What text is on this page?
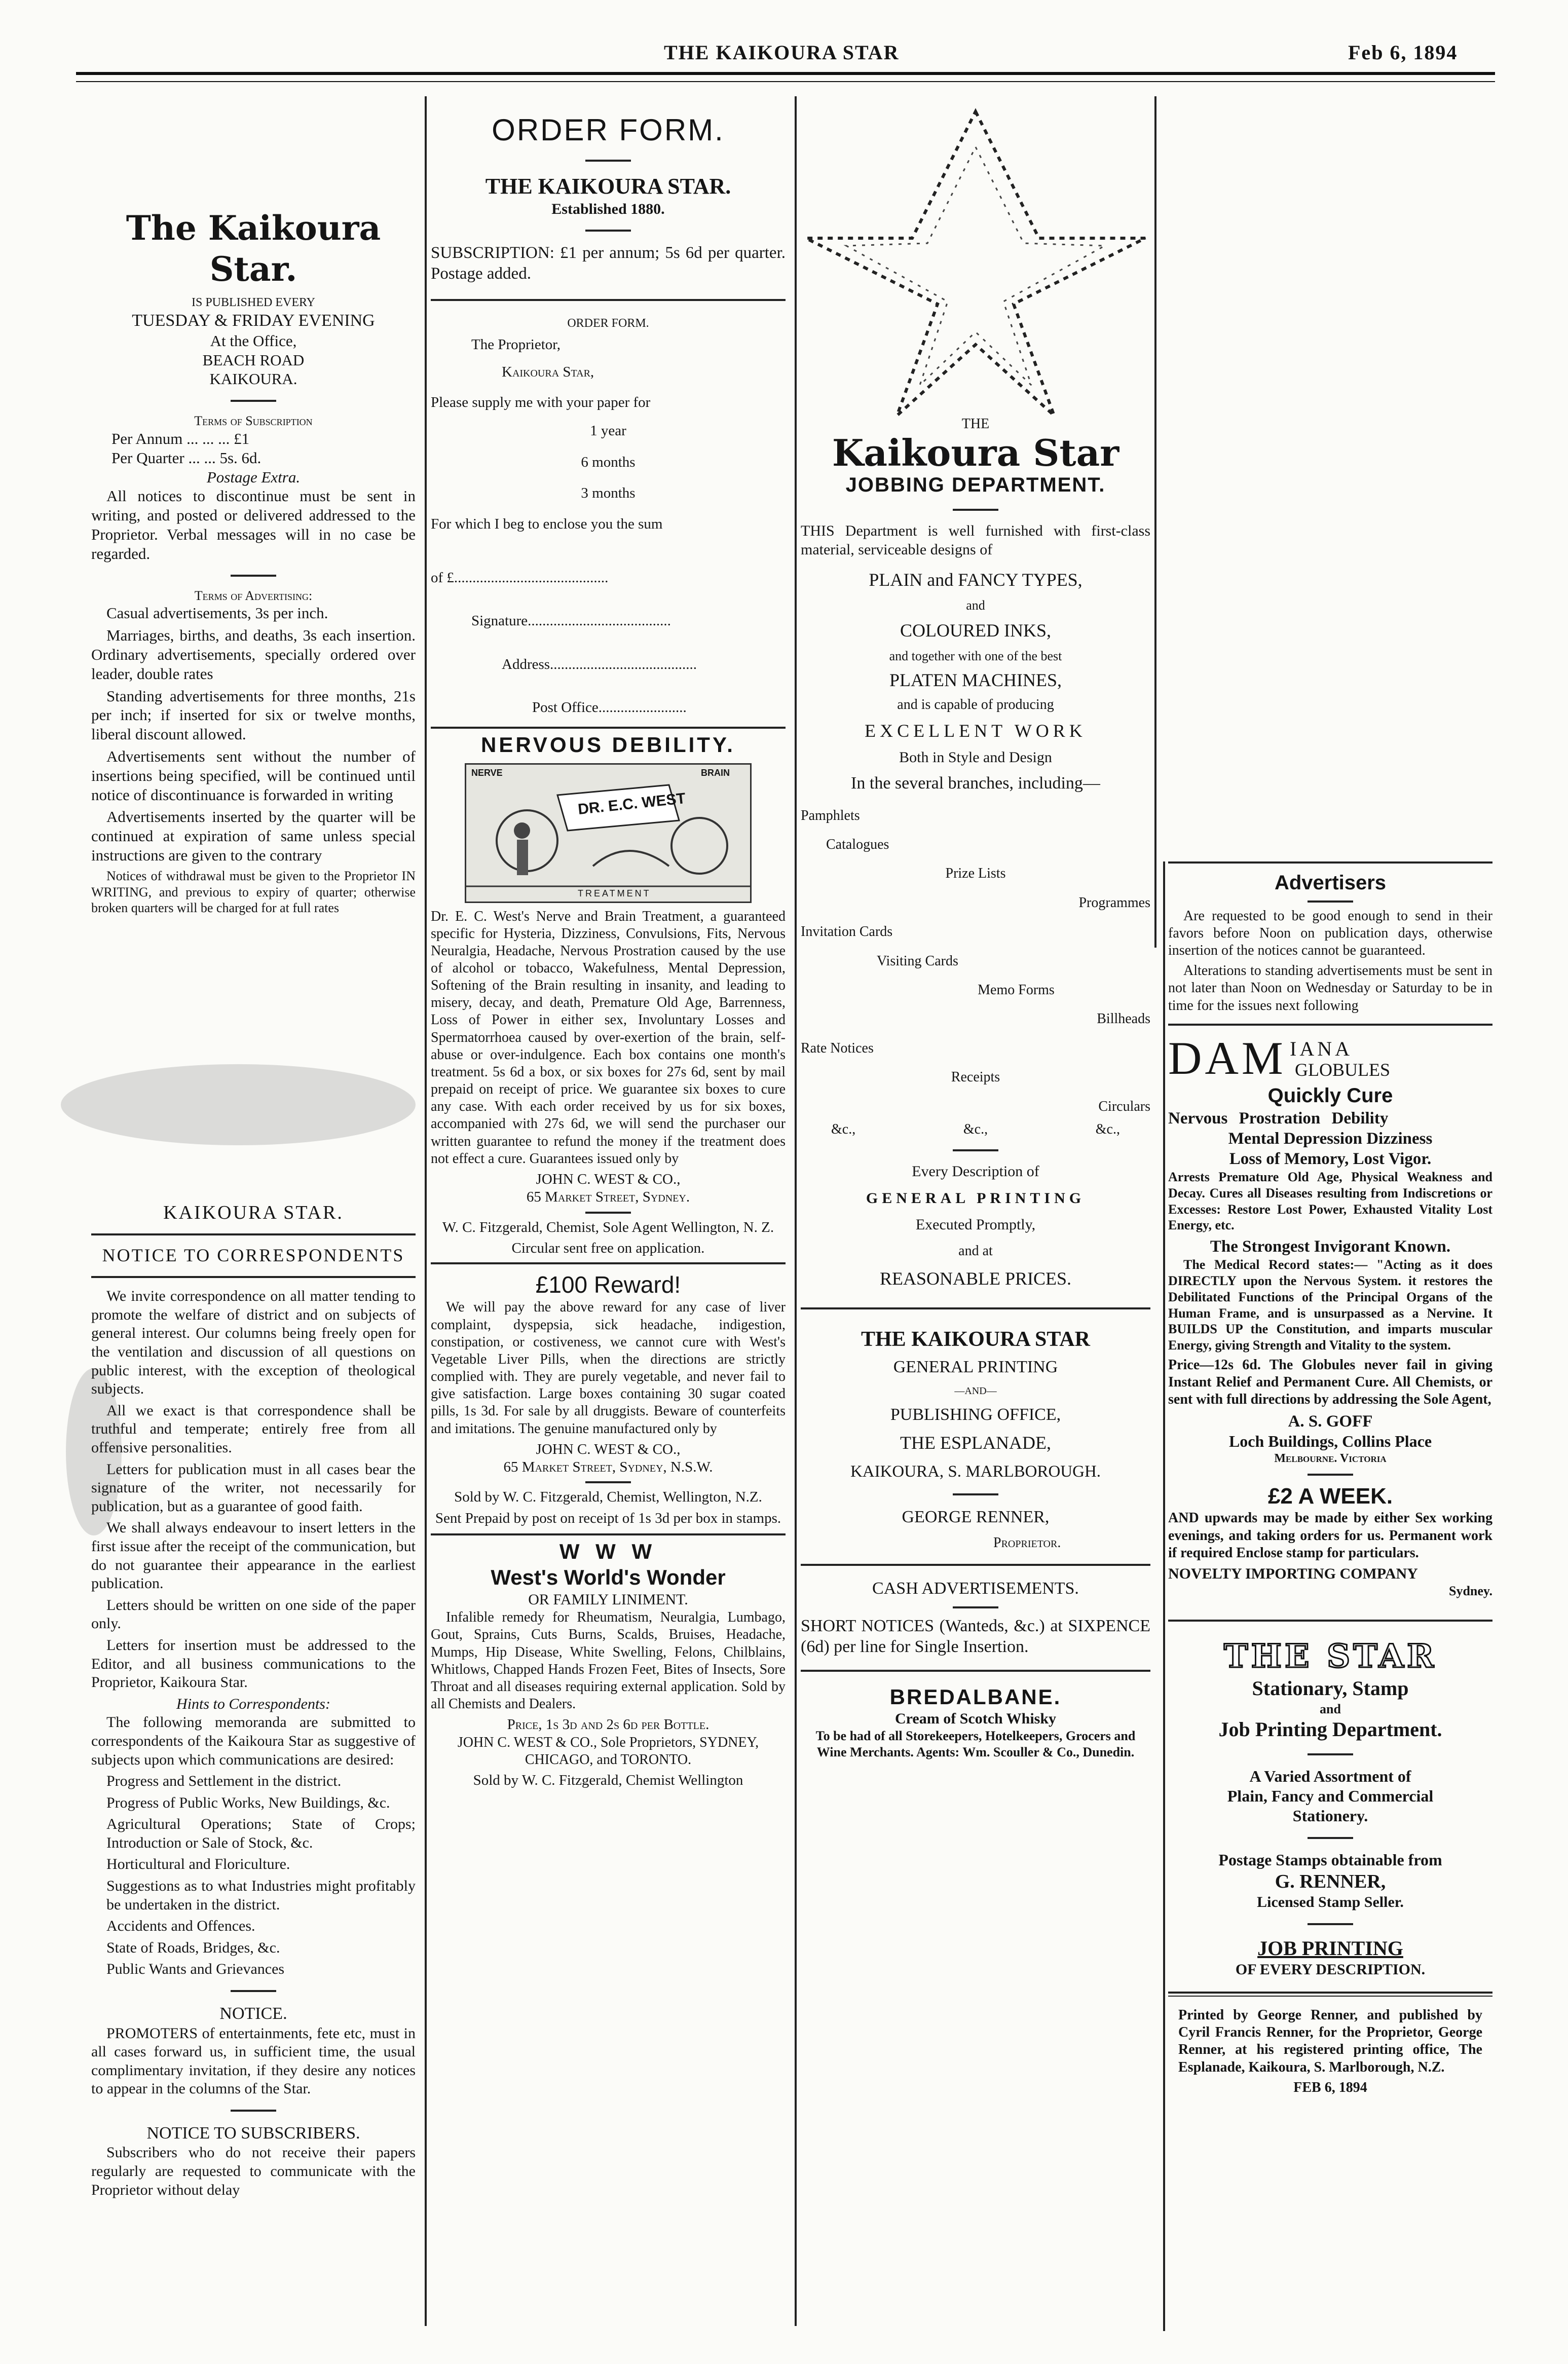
THE KAIKOURA STAR	Feb 6, 1894
The Kaikoura Star.
IS PUBLISHED EVERY
TUESDAY & FRIDAY EVENING
At the Office,
BEACH ROAD
KAIKOURA.
Terms of Subscription
Per Annum ... ... ... £1
Per Quarter ... ... 5s. 6d.
Postage Extra.

All notices to discontinue must be sent in writing, and posted or delivered addressed to the Proprietor. Verbal messages will in no case be regarded.

Terms of Advertising:

Casual advertisements, 3s per inch.

Marriages, births, and deaths, 3s each insertion. Ordinary advertisements, specially ordered over leader, double rates

Standing advertisements for three months, 21s per inch; if inserted for six or twelve months, liberal discount allowed.

Advertisements sent without the number of insertions being specified, will be continued until notice of discontinuance is forwarded in writing

Advertisements inserted by the quarter will be continued at expiration of same unless special instructions are given to the contrary

Notices of withdrawal must be given to the Proprietor IN WRITING, and previous to expiry of quarter; otherwise broken quarters will be charged for at full rates

KAIKOURA STAR.
NOTICE TO CORRESPONDENTS

We invite correspondence on all matter tending to promote the welfare of district and on subjects of general interest. Our columns being freely open for the ventilation and discussion of all questions on public interest, with the exception of theological subjects.

All we exact is that correspondence shall be truthful and temperate; entirely free from all offensive personalities.

Letters for publication must in all cases bear the signature of the writer, not necessarily for publication, but as a guarantee of good faith.

We shall always endeavour to insert letters in the first issue after the receipt of the communication, but do not guarantee their appearance in the earliest publication.

Letters should be written on one side of the paper only.

Letters for insertion must be addressed to the Editor, and all business communications to the Proprietor, Kaikoura Star.

Hints to Correspondents:

The following memoranda are submitted to correspondents of the Kaikoura Star as suggestive of subjects upon which communications are desired:

Progress and Settlement in the district.

Progress of Public Works, New Buildings, &c.

Agricultural Operations; State of Crops; Introduction or Sale of Stock, &c.

Horticultural and Floriculture.

Suggestions as to what Industries might profitably be undertaken in the district.

Accidents and Offences.

State of Roads, Bridges, &c.

Public Wants and Grievances

NOTICE.

PROMOTERS of entertainments, fete etc, must in all cases forward us, in sufficient time, the usual complimentary invitation, if they desire any notices to appear in the columns of the Star.

NOTICE TO SUBSCRIBERS.

Subscribers who do not receive their papers regularly are requested to communicate with the Proprietor without delay

ORDER FORM.
THE KAIKOURA STAR.
Established 1880.

SUBSCRIPTION: £1 per annum; 5s 6d per quarter. Postage added.

ORDER FORM.
The Proprietor,
Kaikoura Star,

Please supply me with your paper for

1 year
6 months
3 months

For which I beg to enclose you the sum

of £..........................................
Signature.......................................
Address........................................
Post Office........................
NERVOUS DEBILITY.
NERVE	BRAIN
DR. E.C. WEST
TREATMENT

Dr. E. C. West's Nerve and Brain Treatment, a guaranteed specific for Hysteria, Dizziness, Convulsions, Fits, Nervous Neuralgia, Headache, Nervous Prostration caused by the use of alcohol or tobacco, Wakefulness, Mental Depression, Softening of the Brain resulting in insanity, and leading to misery, decay, and death, Premature Old Age, Barrenness, Loss of Power in either sex, Involuntary Losses and Spermatorrhoea caused by over-exertion of the brain, self-abuse or over-indulgence. Each box contains one month's treatment. 5s 6d a box, or six boxes for 27s 6d, sent by mail prepaid on receipt of price. We guarantee six boxes to cure any case. With each order received by us for six boxes, accompanied with 27s 6d, we will send the purchaser our written guarantee to refund the money if the treatment does not effect a cure. Guarantees issued only by

JOHN C. WEST & CO.,
65 Market Street, Sydney.

W. C. Fitzgerald, Chemist, Sole Agent Wellington, N. Z.

Circular sent free on application.
£100 Reward!

We will pay the above reward for any case of liver complaint, dyspepsia, sick headache, indigestion, constipation, or costiveness, we cannot cure with West's Vegetable Liver Pills, when the directions are strictly complied with. They are purely vegetable, and never fail to give satisfaction. Large boxes containing 30 sugar coated pills, 1s 3d. For sale by all druggists. Beware of counterfeits and imitations. The genuine manufactured only by

JOHN C. WEST & CO.,
65 Market Street, Sydney, N.S.W.

Sold by W. C. Fitzgerald, Chemist, Wellington, N.Z.

Sent Prepaid by post on receipt of 1s 3d per box in stamps.

W W W
West's World's Wonder
OR FAMILY LINIMENT.

Infalible remedy for Rheumatism, Neuralgia, Lumbago, Gout, Sprains, Cuts Burns, Scalds, Bruises, Headache, Mumps, Hip Disease, White Swelling, Felons, Chilblains, Whitlows, Chapped Hands Frozen Feet, Bites of Insects, Sore Throat and all diseases requiring external application. Sold by all Chemists and Dealers.

Price, 1s 3d and 2s 6d per Bottle.

JOHN C. WEST & CO., Sole Proprietors, SYDNEY, CHICAGO, and TORONTO.

Sold by W. C. Fitzgerald, Chemist Wellington
THE
Kaikoura Star
JOBBING DEPARTMENT.

THIS Department is well furnished with first-class material, serviceable designs of

PLAIN and FANCY TYPES,
and
COLOURED INKS,
and together with one of the best
PLATEN MACHINES,
and is capable of producing
EXCELLENT WORK
Both in Style and Design
In the several branches, including—
Pamphlets
Catalogues
Prize Lists
Programmes
Invitation Cards
Visiting Cards
Memo Forms
Billheads
Rate Notices
Receipts
Circulars
&c.,	&c.,	&c.,
Every Description of
GENERAL PRINTING
Executed Promptly,
and at
REASONABLE PRICES.
THE KAIKOURA STAR
GENERAL PRINTING
—AND—
PUBLISHING OFFICE,
THE ESPLANADE,
KAIKOURA, S. MARLBOROUGH.
GEORGE RENNER,
Proprietor.
CASH ADVERTISEMENTS.

SHORT NOTICES (Wanteds, &c.) at SIXPENCE (6d) per line for Single Insertion.

BREDALBANE.
Cream of Scotch Whisky

To be had of all Storekeepers, Hotelkeepers, Grocers and Wine Merchants. Agents: Wm. Scouller & Co., Dunedin.

Advertisers

Are requested to be good enough to send in their favors before Noon on publication days, otherwise insertion of the notices cannot be guaranteed.

Alterations to standing advertisements must be sent in not later than Noon on Wednesday or Saturday to be in time for the issues next following

DAM IANA
GLOBULES
Quickly Cure
Nervous Prostration Debility
Mental Depression Dizziness
Loss of Memory, Lost Vigor.

Arrests Premature Old Age, Physical Weakness and Decay. Cures all Diseases resulting from Indiscretions or Excesses: Restore Lost Power, Exhausted Vitality Lost Energy, etc.

The Strongest Invigorant Known.

The Medical Record states:— "Acting as it does DIRECTLY upon the Nervous System. it restores the Debilitated Functions of the Principal Organs of the Human Frame, and is unsurpassed as a Nervine. It BUILDS UP the Constitution, and imparts muscular Energy, giving Strength and Vitality to the system.

Price—12s 6d. The Globules never fail in giving Instant Relief and Permanent Cure. All Chemists, or sent with full directions by addressing the Sole Agent,

A. S. GOFF
Loch Buildings, Collins Place
Melbourne. Victoria
£2 A WEEK.

AND upwards may be made by either Sex working evenings, and taking orders for us. Permanent work if required Enclose stamp for particulars.

NOVELTY IMPORTING COMPANY
Sydney.
THE STAR
Stationary, Stamp
and
Job Printing Department.
A Varied Assortment of
Plain, Fancy and Commercial
Stationery.
Postage Stamps obtainable from
G. RENNER,
Licensed Stamp Seller.
JOB PRINTING
OF EVERY DESCRIPTION.

Printed by George Renner, and published by Cyril Francis Renner, for the Proprietor, George Renner, at his registered printing office, The Esplanade, Kaikoura, S. Marlborough, N.Z.

FEB 6, 1894
